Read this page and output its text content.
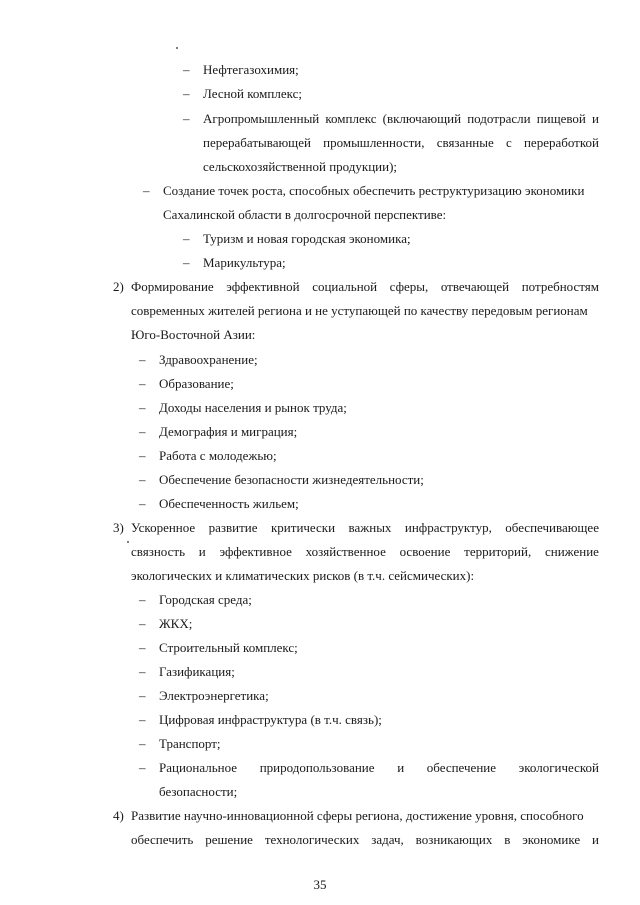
– Нефтегазохимия;
– Лесной комплекс;
– Агропромышленный комплекс (включающий подотрасли пищевой и
перерабатывающей промышленности, связанные с переработкой
сельскохозяйственной продукции);
– Создание точек роста, способных обеспечить реструктуризацию экономики
Сахалинской области в долгосрочной перспективе:
– Туризм и новая городская экономика;
– Марикультура;
2) Формирование эффективной социальной сферы, отвечающей потребностям
современных жителей региона и не уступающей по качеству передовым регионам
Юго-Восточной Азии:
– Здравоохранение;
– Образование;
– Доходы населения и рынок труда;
– Демография и миграция;
– Работа с молодежью;
– Обеспечение безопасности жизнедеятельности;
– Обеспеченность жильем;
3) Ускоренное развитие критически важных инфраструктур, обеспечивающее
связность и эффективное хозяйственное освоение территорий, снижение
экологических и климатических рисков (в т.ч. сейсмических):
– Городская среда;
– ЖКХ;
– Строительный комплекс;
– Газификация;
– Электроэнергетика;
– Цифровая инфраструктура (в т.ч. связь);
– Транспорт;
– Рациональное природопользование и обеспечение экологической
безопасности;
4) Развитие научно-инновационной сферы региона, достижение уровня, способного
обеспечить решение технологических задач, возникающих в экономике и
35
